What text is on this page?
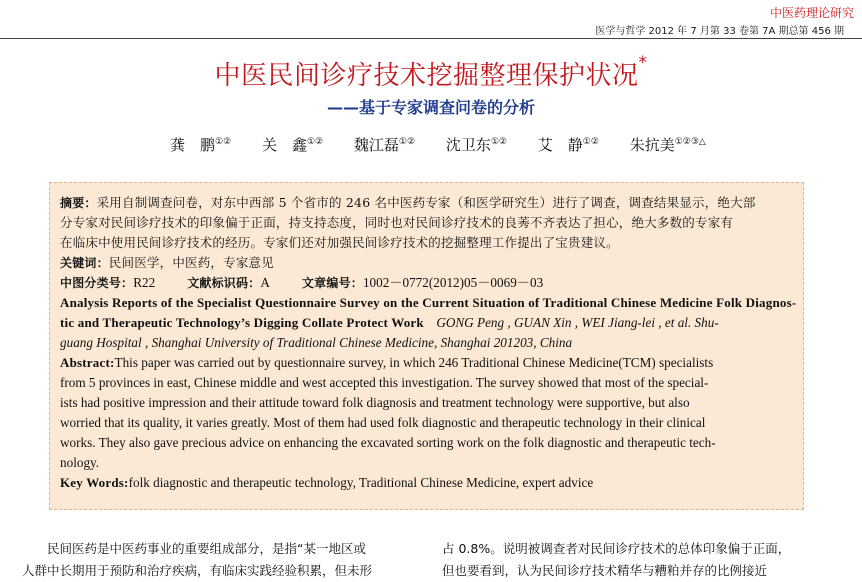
中医药理论研究
医学与哲学 2012 年 7 月第 33 卷第 7A 期总第 456 期
中医民间诊疗技术挖掘整理保护状况*
——基于专家调查问卷的分析
龚　鹏①② 关　鑫①② 魏江磊①② 沈卫东①② 艾　静①② 朱抗美①②③△
摘要：采用自制调查问卷，对东中西部 5 个省市的 246 名中医药专家（和医学研究生）进行了调查，调查结果显示，绝大部
分专家对民间诊疗技术的印象偏于正面，持支持态度，同时也对民间诊疗技术的良莠不齐表达了担心，绝大多数的专家有
在临床中使用民间诊疗技术的经历。专家们还对加强民间诊疗技术的挖掘整理工作提出了宝贵建议。
关键词：民间医学，中医药，专家意见
中图分类号：R22	文献标识码：A	文章编号：1002－0772(2012)05－0069－03
Analysis Reports of the Specialist Questionnaire Survey on the Current Situation of Traditional Chinese Medicine Folk Diagnos-
tic and Therapeutic Technology’s Digging Collate Protect Work GONG Peng , GUAN Xin , WEI Jiang-lei , et al. Shu-
guang Hospital , Shanghai University of Traditional Chinese Medicine, Shanghai 201203, China
Abstract:This paper was carried out by questionnaire survey, in which 246 Traditional Chinese Medicine(TCM) specialists
from 5 provinces in east, Chinese middle and west accepted this investigation. The survey showed that most of the special-
ists had positive impression and their attitude toward folk diagnosis and treatment technology were supportive, but also
worried that its quality, it varies greatly. Most of them had used folk diagnostic and therapeutic technology in their clinical
works. They also gave precious advice on enhancing the excavated sorting work on the folk diagnostic and therapeutic tech-
nology.
Key Words:folk diagnostic and therapeutic technology, Traditional Chinese Medicine, expert advice
　　民间医药是中医药事业的重要组成部分，是指“某一地区或
人群中长期用于预防和治疗疾病，有临床实践经验积累，但未形
占 0.8%。说明被调查者对民间诊疗技术的总体印象偏于正面，
但也要看到，认为民间诊疗技术精华与糟粕并存的比例接近
